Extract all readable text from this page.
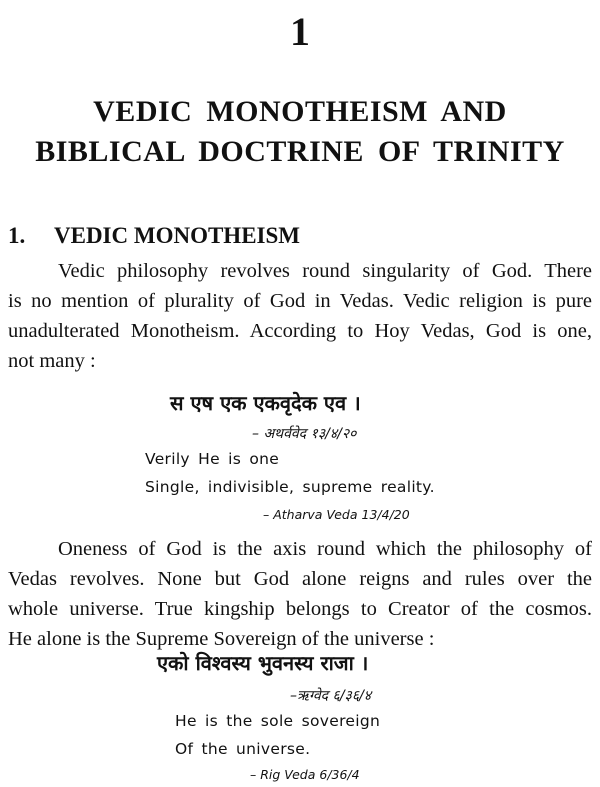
1
VEDIC MONOTHEISM AND
BIBLICAL DOCTRINE OF TRINITY
1. VEDIC MONOTHEISM
Vedic philosophy revolves round singularity of God. There
is no mention of plurality of God in Vedas. Vedic religion is pure
unadulterated Monotheism. According to Hoy Vedas, God is one,
not many :
स एष एक एकवृदेक एव ।
– अथर्ववेद १३/४/२०
Verily He is one
Single, indivisible, supreme reality.
– Atharva Veda 13/4/20
Oneness of God is the axis round which the philosophy of
Vedas revolves. None but God alone reigns and rules over the
whole universe. True kingship belongs to Creator of the cosmos.
He alone is the Supreme Sovereign of the universe :
एको विश्वस्य भुवनस्य राजा ।
–ऋग्वेद ६/३६/४
He is the sole sovereign
Of the universe.
– Rig Veda 6/36/4
